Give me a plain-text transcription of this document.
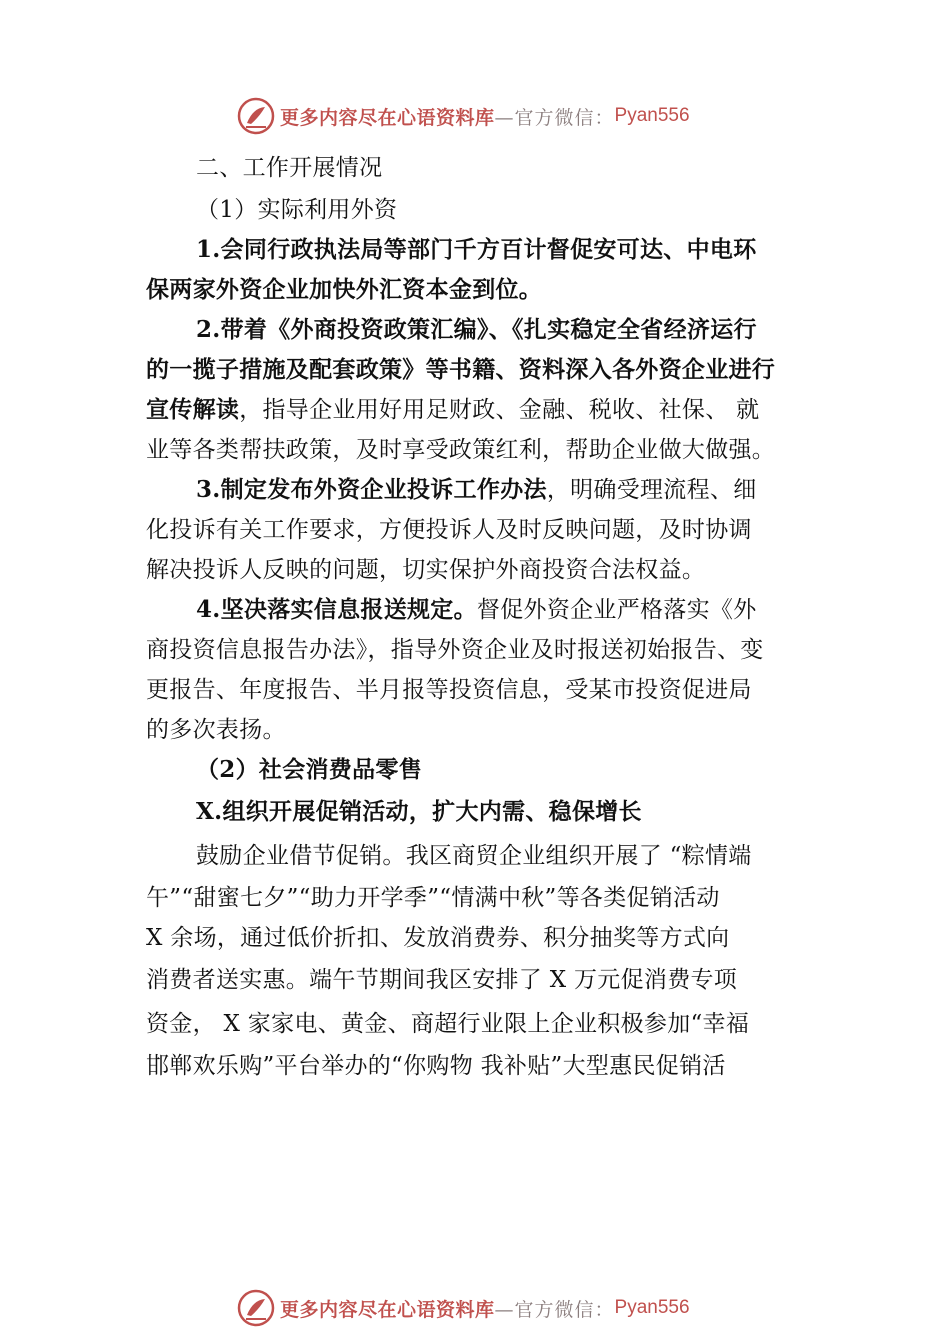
更多内容尽在心语资料库 —官方微信： Pyan556
二、工作开展情况
（1）实际利用外资
1.会同行政执法局等部门千方百计督促安可达、中电环
保两家外资企业加快外汇资本金到位。
2.带着《外商投资政策汇编》、《扎实稳定全省经济运行
的一揽子措施及配套政策》等书籍、资料深入各外资企业进行
宣传解读，指导企业用好用足财政、金融、税收、社保、 就
业等各类帮扶政策，及时享受政策红利，帮助企业做大做强。
3.制定发布外资企业投诉工作办法，明确受理流程、细
化投诉有关工作要求，方便投诉人及时反映问题，及时协调
解决投诉人反映的问题，切实保护外商投资合法权益。
4.坚决落实信息报送规定。督促外资企业严格落实《外
商投资信息报告办法》，指导外资企业及时报送初始报告、变
更报告、年度报告、半月报等投资信息，受某市投资促进局
的多次表扬。
（2）社会消费品零售
X.组织开展促销活动，扩大内需、稳保增长
鼓励企业借节促销。我区商贸企业组织开展了 “粽情端
午”“甜蜜七夕”“助力开学季”“情满中秋”等各类促销活动
X 余场，通过低价折扣、发放消费券、积分抽奖等方式向
消费者送实惠。端午节期间我区安排了 X 万元促消费专项
资金， X 家家电、黄金、商超行业限上企业积极参加“幸福
邯郸欢乐购”平台举办的“你购物 我补贴”大型惠民促销活
更多内容尽在心语资料库 —官方微信： Pyan556
